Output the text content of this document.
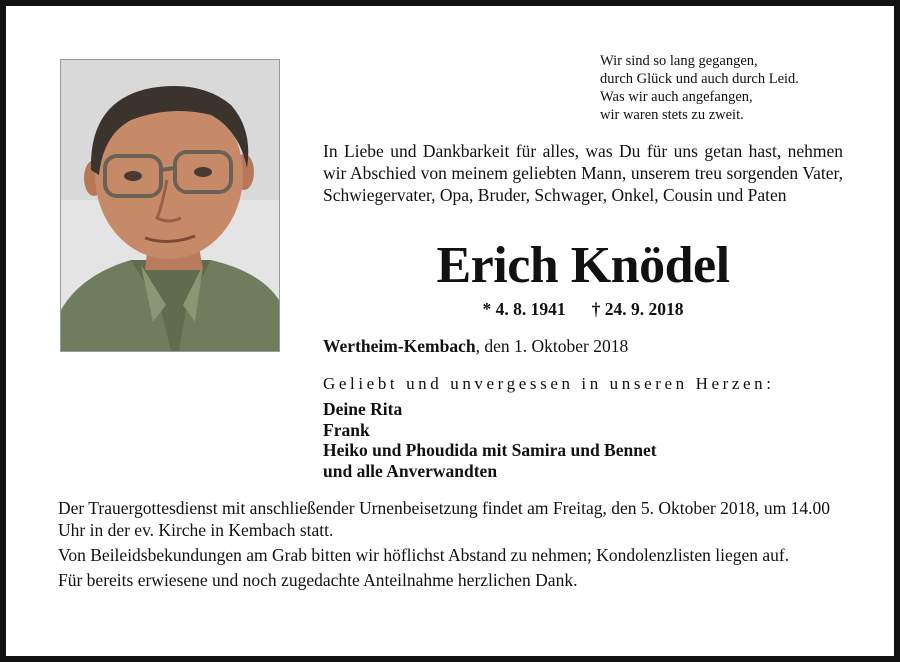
Wir sind so lang gegangen,
durch Glück und auch durch Leid.
Was wir auch angefangen,
wir waren stets zu zweit.
In Liebe und Dankbarkeit für alles, was Du für uns getan hast, nehmen wir Abschied von meinem geliebten Mann, unserem treu sorgenden Vater, Schwiegervater, Opa, Bruder, Schwager, Onkel, Cousin und Paten
Erich Knödel
* 4. 8. 1941 † 24. 9. 2018
Wertheim-Kembach, den 1. Oktober 2018
Geliebt und unvergessen in unseren Herzen:
Deine Rita
Frank
Heiko und Phoudida mit Samira und Bennet
und alle Anverwandten

Der Trauergottesdienst mit anschließender Urnenbeisetzung findet am Freitag, den 5. Oktober 2018, um 14.00 Uhr in der ev. Kirche in Kembach statt.

Von Beileidsbekundungen am Grab bitten wir höflichst Abstand zu nehmen; Kondolenzlisten liegen auf.

Für bereits erwiesene und noch zugedachte Anteilnahme herzlichen Dank.
